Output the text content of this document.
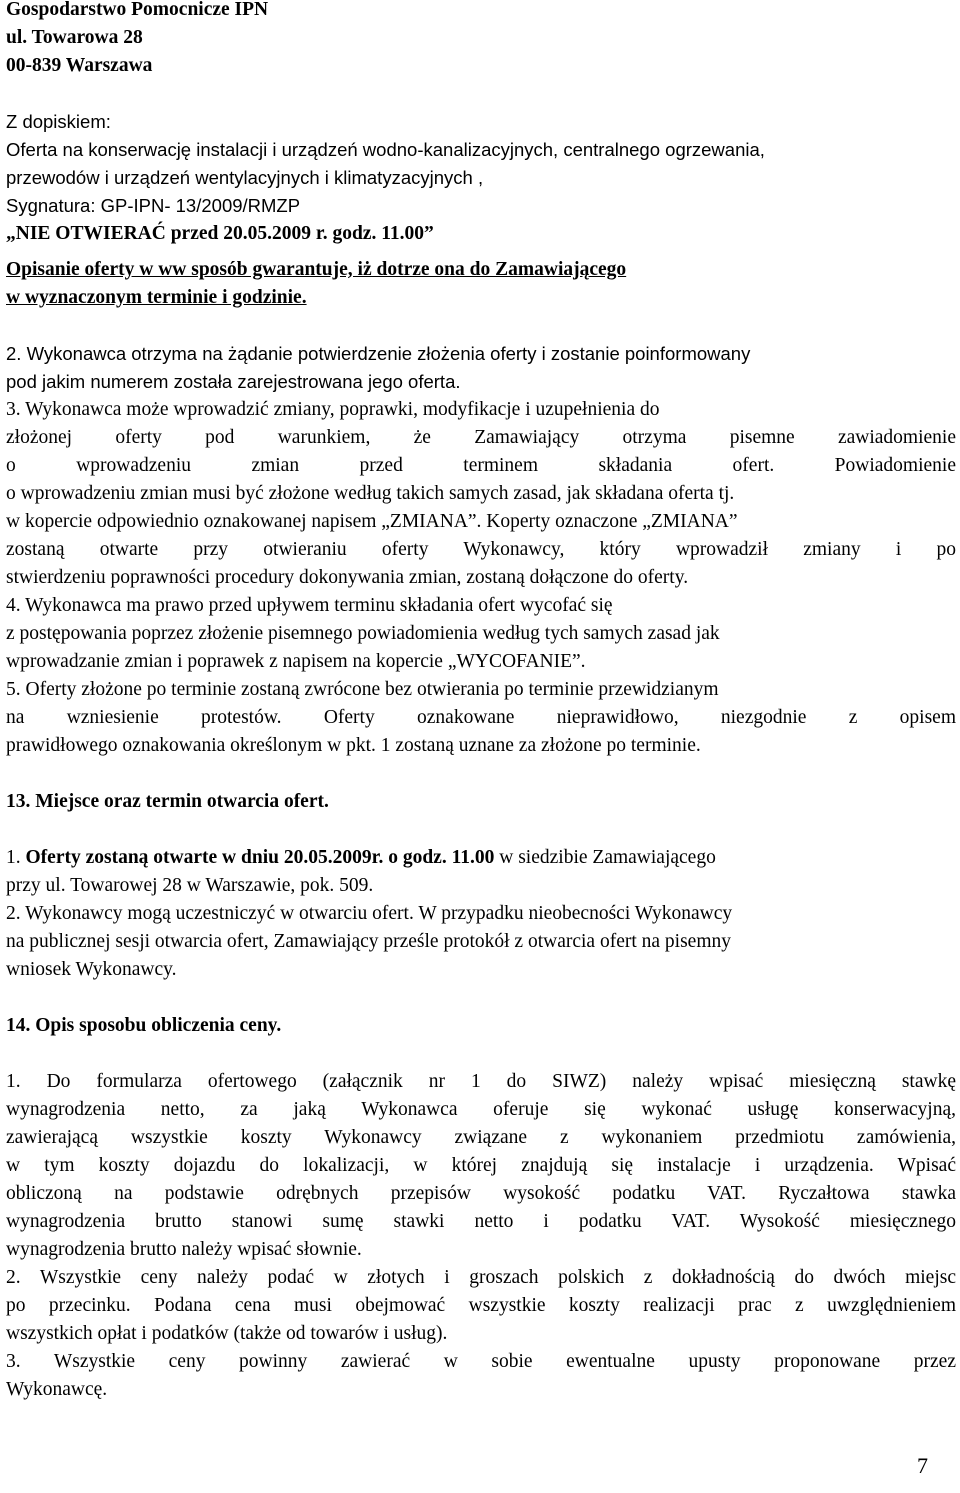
Gospodarstwo Pomocnicze IPN
ul. Towarowa 28
00-839 Warszawa
Z dopiskiem:
Oferta na konserwację instalacji i urządzeń wodno-kanalizacyjnych, centralnego ogrzewania,
przewodów i urządzeń wentylacyjnych i klimatyzacyjnych ,
Sygnatura: GP-IPN- 13/2009/RMZP
„NIE OTWIERAĆ przed 20.05.2009 r. godz. 11.00”
Opisanie oferty w ww sposób gwarantuje, iż dotrze ona do Zamawiającego
w wyznaczonym terminie i godzinie.
2. Wykonawca otrzyma na żądanie potwierdzenie złożenia oferty i zostanie poinformowany
pod jakim numerem została zarejestrowana jego oferta.
3. Wykonawca może wprowadzić zmiany, poprawki, modyfikacje i uzupełnienia do
złożonej oferty pod warunkiem, że Zamawiający otrzyma pisemne zawiadomienie
o wprowadzeniu zmian przed terminem składania ofert. Powiadomienie
o wprowadzeniu zmian musi być złożone według takich samych zasad, jak składana oferta tj.
w kopercie odpowiednio oznakowanej napisem „ZMIANA”. Koperty oznaczone „ZMIANA”
zostaną otwarte przy otwieraniu oferty Wykonawcy, który wprowadził zmiany i po
stwierdzeniu poprawności procedury dokonywania zmian, zostaną dołączone do oferty.
4. Wykonawca ma prawo przed upływem terminu składania ofert wycofać się
z postępowania poprzez złożenie pisemnego powiadomienia według tych samych zasad jak
wprowadzanie zmian i poprawek z napisem na kopercie „WYCOFANIE”.
5. Oferty złożone po terminie zostaną zwrócone bez otwierania po terminie przewidzianym
na wzniesienie protestów. Oferty oznakowane nieprawidłowo, niezgodnie z opisem
prawidłowego oznakowania określonym w pkt. 1 zostaną uznane za złożone po terminie.
13. Miejsce oraz termin otwarcia ofert.
1. Oferty zostaną otwarte w dniu 20.05.2009r. o godz. 11.00 w siedzibie Zamawiającego
przy ul. Towarowej 28 w Warszawie, pok. 509.
2. Wykonawcy mogą uczestniczyć w otwarciu ofert. W przypadku nieobecności Wykonawcy
na publicznej sesji otwarcia ofert, Zamawiający prześle protokół z otwarcia ofert na pisemny
wniosek Wykonawcy.
14. Opis sposobu obliczenia ceny.
1. Do formularza ofertowego (załącznik nr 1 do SIWZ) należy wpisać miesięczną stawkę
wynagrodzenia netto, za jaką Wykonawca oferuje się wykonać usługę konserwacyjną,
zawierającą wszystkie koszty Wykonawcy związane z wykonaniem przedmiotu zamówienia,
w tym koszty dojazdu do lokalizacji, w której znajdują się instalacje i urządzenia. Wpisać
obliczoną na podstawie odrębnych przepisów wysokość podatku VAT. Ryczałtowa stawka
wynagrodzenia brutto stanowi sumę stawki netto i podatku VAT. Wysokość miesięcznego
wynagrodzenia brutto należy wpisać słownie.
2. Wszystkie ceny należy podać w złotych i groszach polskich z dokładnością do dwóch miejsc
po przecinku. Podana cena musi obejmować wszystkie koszty realizacji prac z uwzględnieniem
wszystkich opłat i podatków (także od towarów i usług).
3. Wszystkie ceny powinny zawierać w sobie ewentualne upusty proponowane przez
Wykonawcę.
7
